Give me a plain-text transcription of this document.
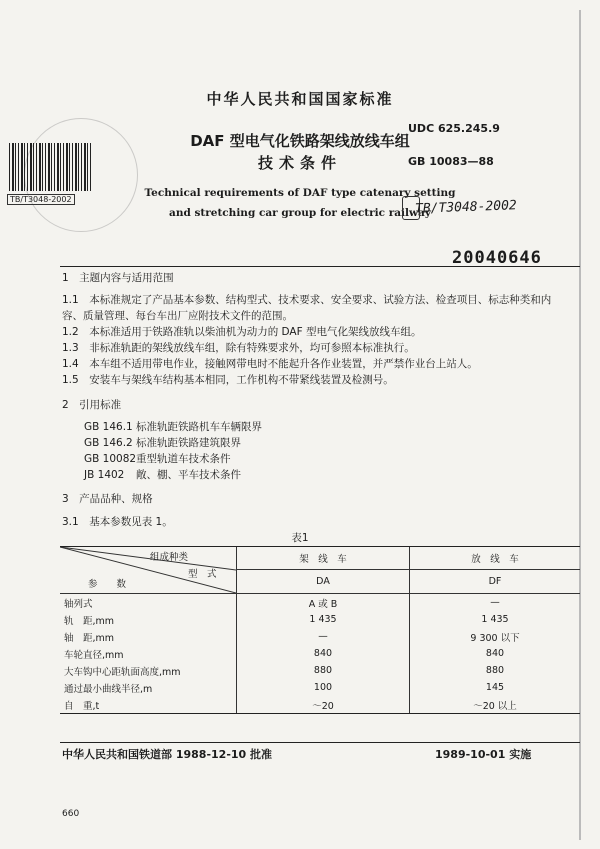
TB/T3048-2002
中华人民共和国国家标准
DAF 型电气化铁路架线放线车组
技术条件
Technical requirements of DAF type catenary setting
and stretching car group for electric railway
UDC 625.245.9
GB 10083—88
TB/T3048-2002
20040646
1　主题内容与适用范围
1.1　本标准规定了产品基本参数、结构型式、技术要求、安全要求、试验方法、检查项目、标志种类和内
容、质量管理、每台车出厂应附技术文件的范围。
1.2　本标准适用于铁路准轨以柴油机为动力的 DAF 型电气化架线放线车组。
1.3　非标准轨距的架线放线车组，除有特殊要求外，均可参照本标准执行。
1.4　本车组不适用带电作业，接触网带电时不能起升各作业装置，并严禁作业台上站人。
1.5　安装车与架线车结构基本相同，工作机构不带紧线装置及检测号。
2　引用标准
GB 146.1 标准轨距铁路机车车辆限界
GB 146.2 标准轨距铁路建筑限界
GB 10082重型轨道车技术条件
JB 1402 敞、棚、平车技术条件
3　产品品种、规格
3.1　基本参数见表 1。
表1
组成种类
型　式
参　　数	架　线　车	放　线　车
	DA	DF
轴列式	A 或 B	—
轨　距,mm	1 435	1 435
轴　距,mm	—	9 300 以下
车轮直径,mm	840	840
大车钩中心距轨面高度,mm	880	880
通过最小曲线半径,m	100	145
自　重,t	～20	～20 以上
中华人民共和国铁道部 1988-12-10 批准	1989-10-01 实施
660
